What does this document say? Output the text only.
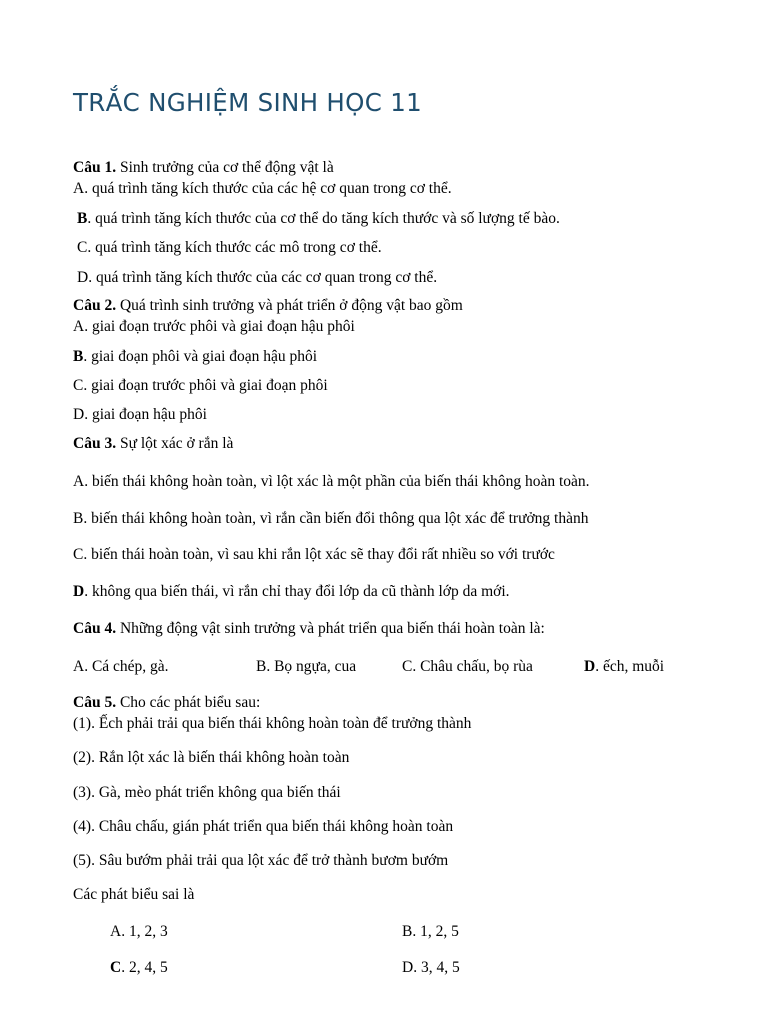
TRẮC NGHIỆM SINH HỌC 11
Câu 1. Sinh trưởng của cơ thể động vật là
A. quá trình tăng kích thước của các hệ cơ quan trong cơ thể.
B. quá trình tăng kích thước của cơ thể do tăng kích thước và số lượng tế bào.
C. quá trình tăng kích thước các mô trong cơ thể.
D. quá trình tăng kích thước của các cơ quan trong cơ thể.
Câu 2. Quá trình sinh trưởng và phát triển ở động vật bao gồm
A. giai đoạn trước phôi và giai đoạn hậu phôi
B. giai đoạn phôi và giai đoạn hậu phôi
C. giai đoạn trước phôi và giai đoạn phôi
D. giai đoạn hậu phôi
Câu 3. Sự lột xác ở rắn là
A. biến thái không hoàn toàn, vì lột xác là một phần của biến thái không hoàn toàn.
B. biến thái không hoàn toàn, vì rắn cần biến đổi thông qua lột xác để trưởng thành
C. biến thái hoàn toàn, vì sau khi rắn lột xác sẽ thay đổi rất nhiều so với trước
D. không qua biến thái, vì rắn chỉ thay đổi lớp da cũ thành lớp da mới.
Câu 4. Những động vật sinh trưởng và phát triển qua biến thái hoàn toàn là:
A. Cá chép, gà.	B. Bọ ngựa, cua	C. Châu chấu, bọ rùa	D. ếch, muỗi
Câu 5. Cho các phát biểu sau:
(1). Ếch phải trải qua biến thái không hoàn toàn để trưởng thành
(2). Rắn lột xác là biến thái không hoàn toàn
(3). Gà, mèo phát triển không qua biến thái
(4). Châu chấu, gián phát triển qua biến thái không hoàn toàn
(5). Sâu bướm phải trải qua lột xác để trở thành bươm bướm
Các phát biểu sai là
A. 1, 2, 3	B. 1, 2, 5
C. 2, 4, 5	D. 3, 4, 5
